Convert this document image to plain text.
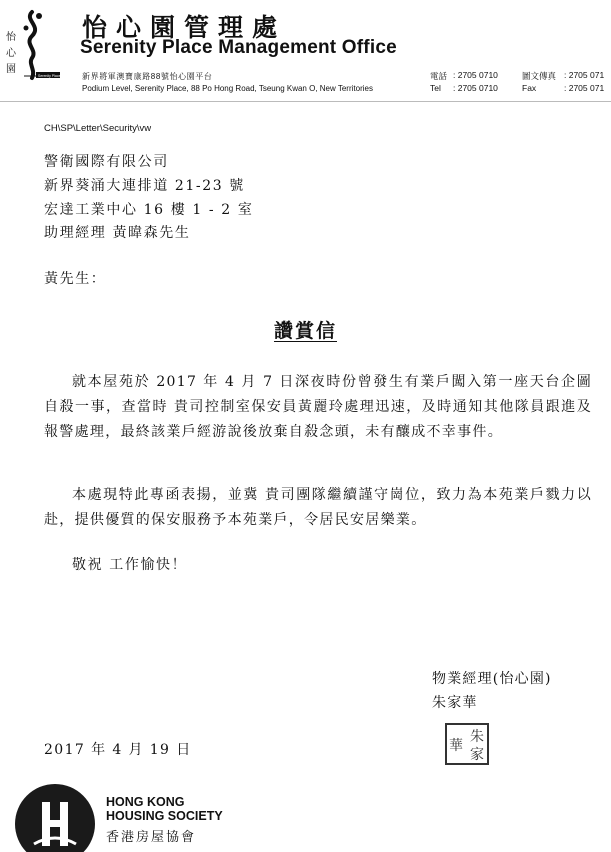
怡
心
園
Serenity Place
怡心園管理處
Serenity Place Management Office
新界將軍澳寶康路88號怡心園平台
Podium Level, Serenity Place, 88 Po Hong Road, Tseung Kwan O, New Territories
電話 : 2705 0710	圖文傳真 : 2705 071
Tel : 2705 0710	Fax	: 2705 071
CH\SP\Letter\Security\vw
警衛國際有限公司
新界葵涌大連排道 21-23 號
宏達工業中心 16 樓 1 - 2 室
助理經理 黃暐森先生
黃先生：
讚賞信

就本屋苑於 2017 年 4 月 7 日深夜時份曾發生有業戶闖入第一座天台企圖自殺一事，查當時 貴司控制室保安員黃麗玲處理迅速，及時通知其他隊員跟進及報警處理，最終該業戶經游說後放棄自殺念頭，未有釀成不幸事件。

本處現特此專函表揚，並冀 貴司團隊繼續謹守崗位，致力為本苑業戶戮力以赴，提供優質的保安服務予本苑業戶，令居民安居樂業。

敬祝 工作愉快！
物業經理(怡心園)
朱家華
朱
家
華
2017 年 4 月 19 日
HONG KONG
HOUSING SOCIETY
香港房屋協會
